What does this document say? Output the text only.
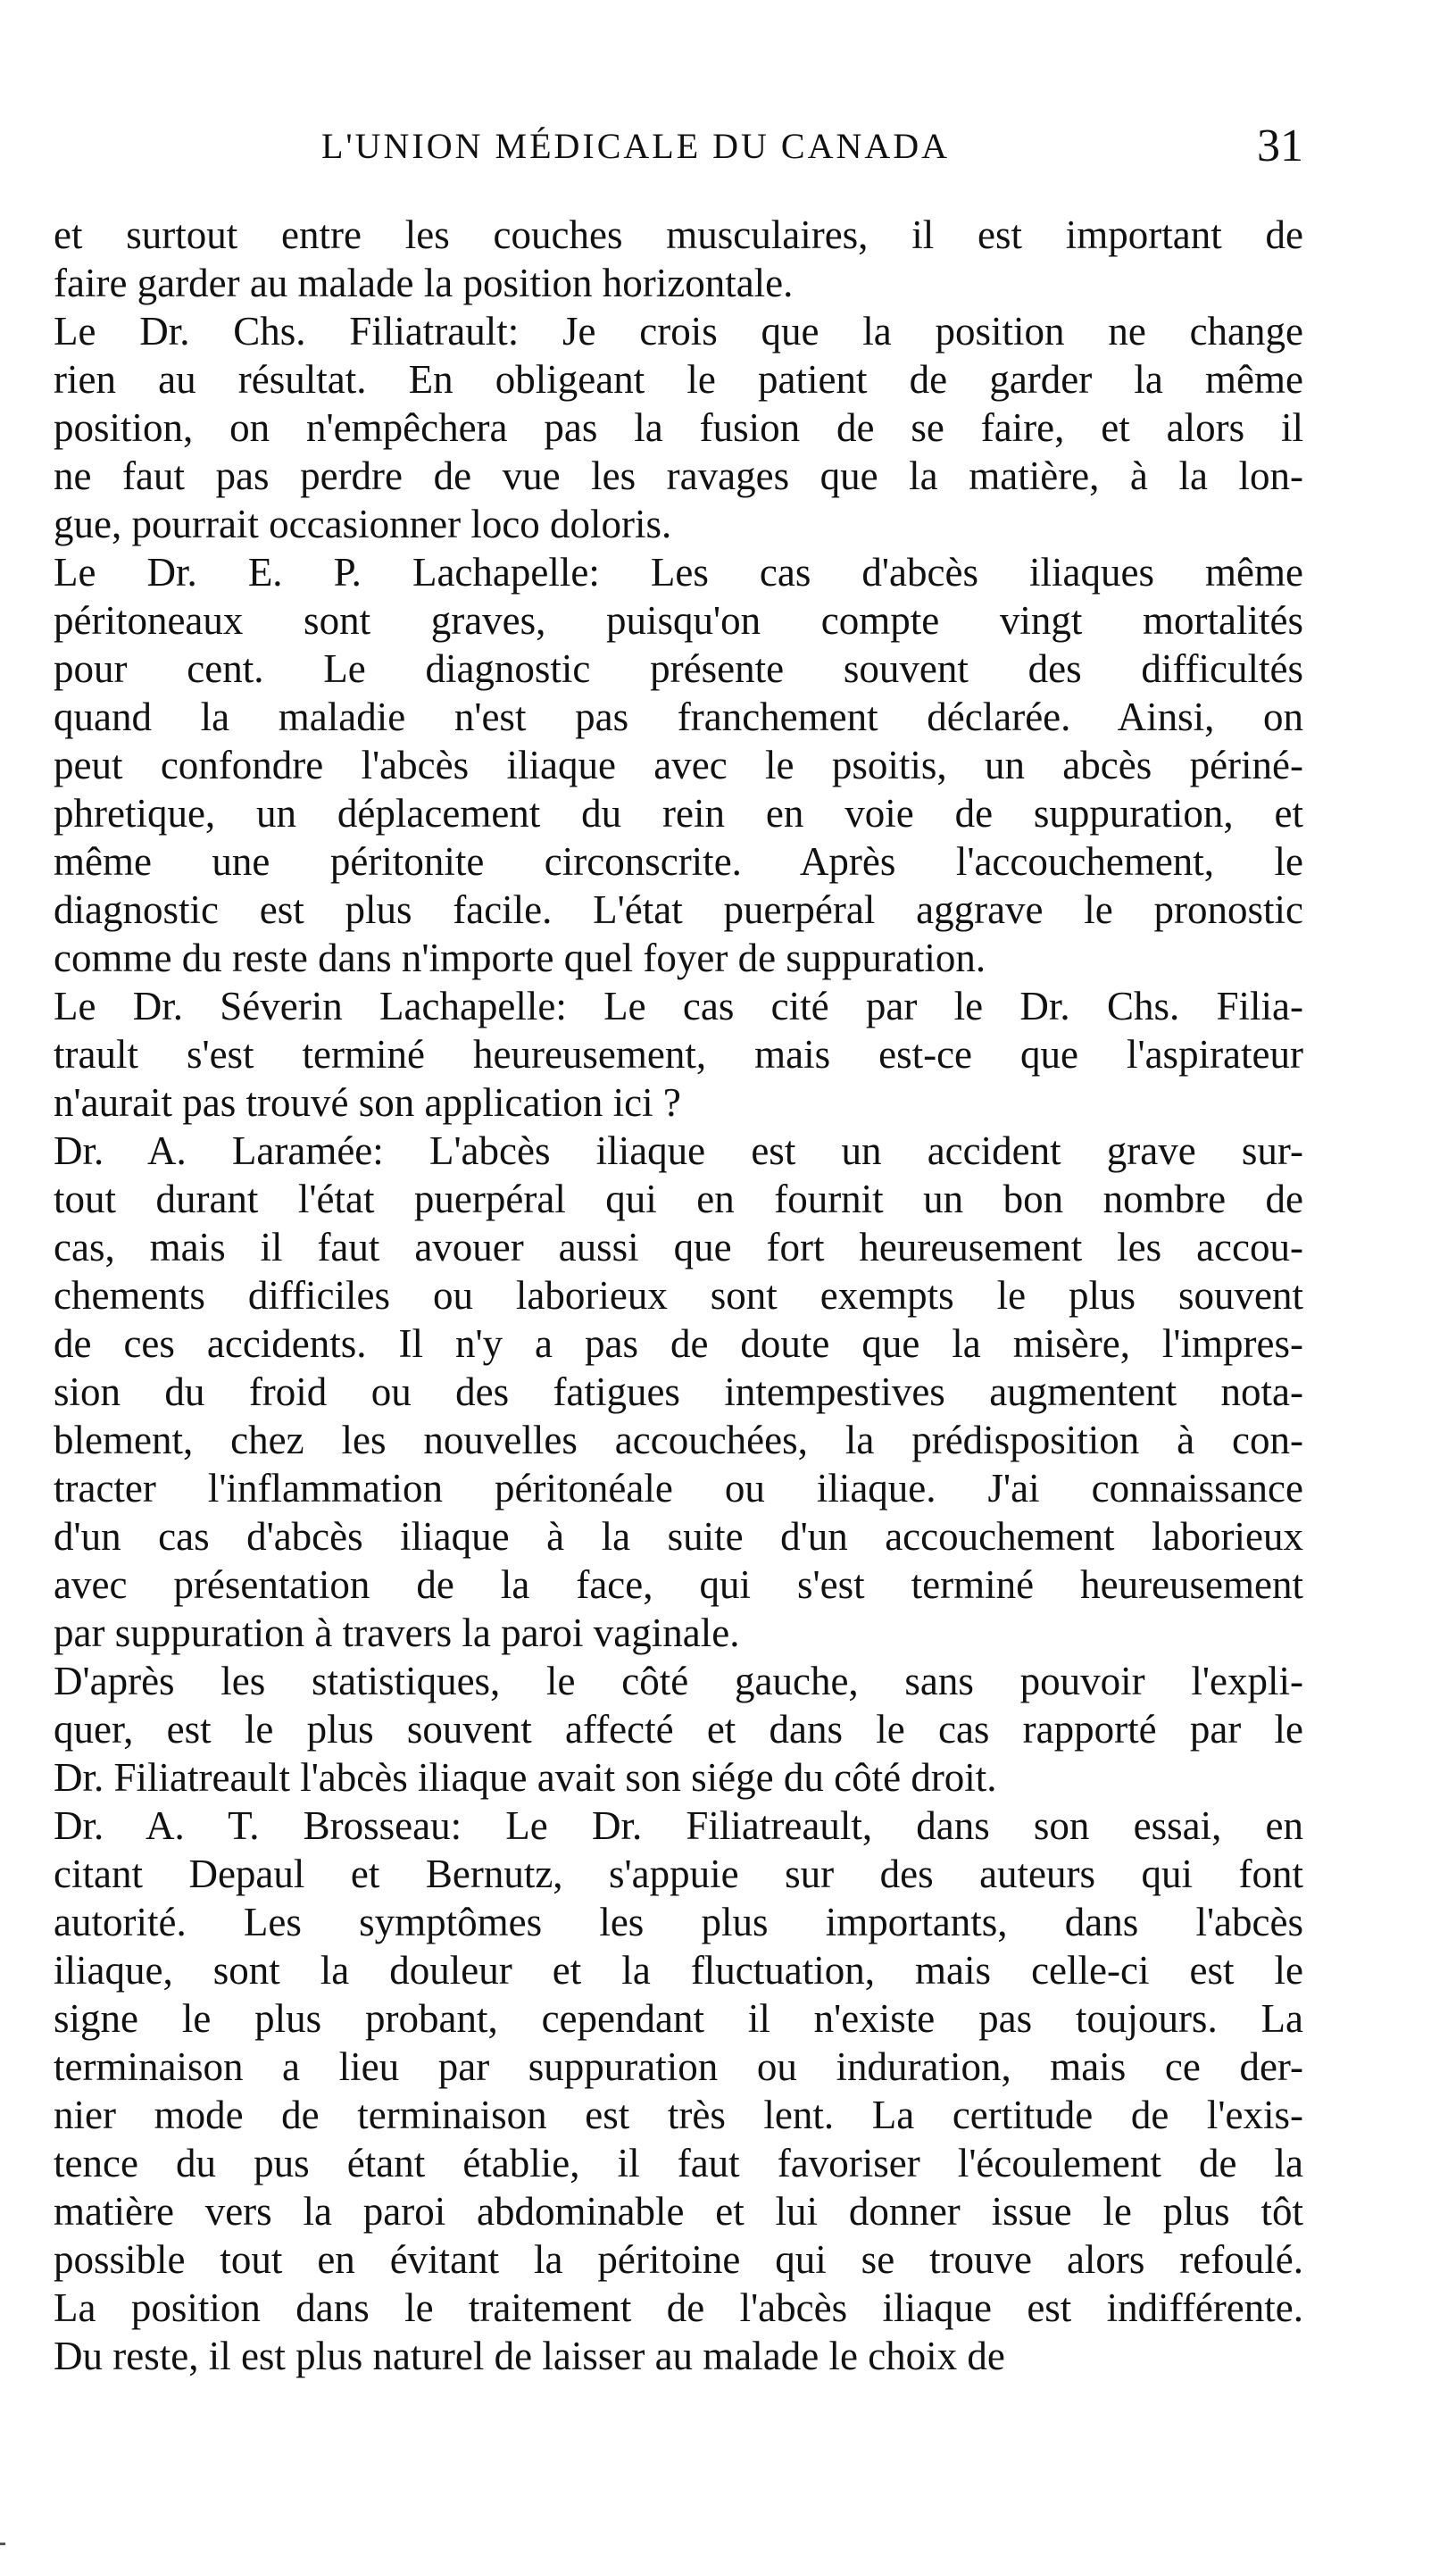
L'UNION MÉDICALE DU CANADA	31
et surtout entre les couches musculaires, il est important de
faire garder au malade la position horizontale.
Le Dr. Chs. Filiatrault: Je crois que la position ne change
rien au résultat. En obligeant le patient de garder la même
position, on n'empêchera pas la fusion de se faire, et alors il
ne faut pas perdre de vue les ravages que la matière, à la lon-
gue, pourrait occasionner loco doloris.
Le Dr. E. P. Lachapelle: Les cas d'abcès iliaques même
péritoneaux sont graves, puisqu'on compte vingt mortalités
pour cent. Le diagnostic présente souvent des difficultés
quand la maladie n'est pas franchement déclarée. Ainsi, on
peut confondre l'abcès iliaque avec le psoitis, un abcès périné-
phretique, un déplacement du rein en voie de suppuration, et
même une péritonite circonscrite. Après l'accouchement, le
diagnostic est plus facile. L'état puerpéral aggrave le pronostic
comme du reste dans n'importe quel foyer de suppuration.
Le Dr. Séverin Lachapelle: Le cas cité par le Dr. Chs. Filia-
trault s'est terminé heureusement, mais est-ce que l'aspirateur
n'aurait pas trouvé son application ici ?
Dr. A. Laramée: L'abcès iliaque est un accident grave sur-
tout durant l'état puerpéral qui en fournit un bon nombre de
cas, mais il faut avouer aussi que fort heureusement les accou-
chements difficiles ou laborieux sont exempts le plus souvent
de ces accidents. Il n'y a pas de doute que la misère, l'impres-
sion du froid ou des fatigues intempestives augmentent nota-
blement, chez les nouvelles accouchées, la prédisposition à con-
tracter l'inflammation péritonéale ou iliaque. J'ai connaissance
d'un cas d'abcès iliaque à la suite d'un accouchement laborieux
avec présentation de la face, qui s'est terminé heureusement
par suppuration à travers la paroi vaginale.
D'après les statistiques, le côté gauche, sans pouvoir l'expli-
quer, est le plus souvent affecté et dans le cas rapporté par le
Dr. Filiatreault l'abcès iliaque avait son siége du côté droit.
Dr. A. T. Brosseau: Le Dr. Filiatreault, dans son essai, en
citant Depaul et Bernutz, s'appuie sur des auteurs qui font
autorité. Les symptômes les plus importants, dans l'abcès
iliaque, sont la douleur et la fluctuation, mais celle-ci est le
signe le plus probant, cependant il n'existe pas toujours. La
terminaison a lieu par suppuration ou induration, mais ce der-
nier mode de terminaison est très lent. La certitude de l'exis-
tence du pus étant établie, il faut favoriser l'écoulement de la
matière vers la paroi abdominable et lui donner issue le plus tôt
possible tout en évitant la péritoine qui se trouve alors refoulé.
La position dans le traitement de l'abcès iliaque est indifférente.
Du reste, il est plus naturel de laisser au malade le choix de
